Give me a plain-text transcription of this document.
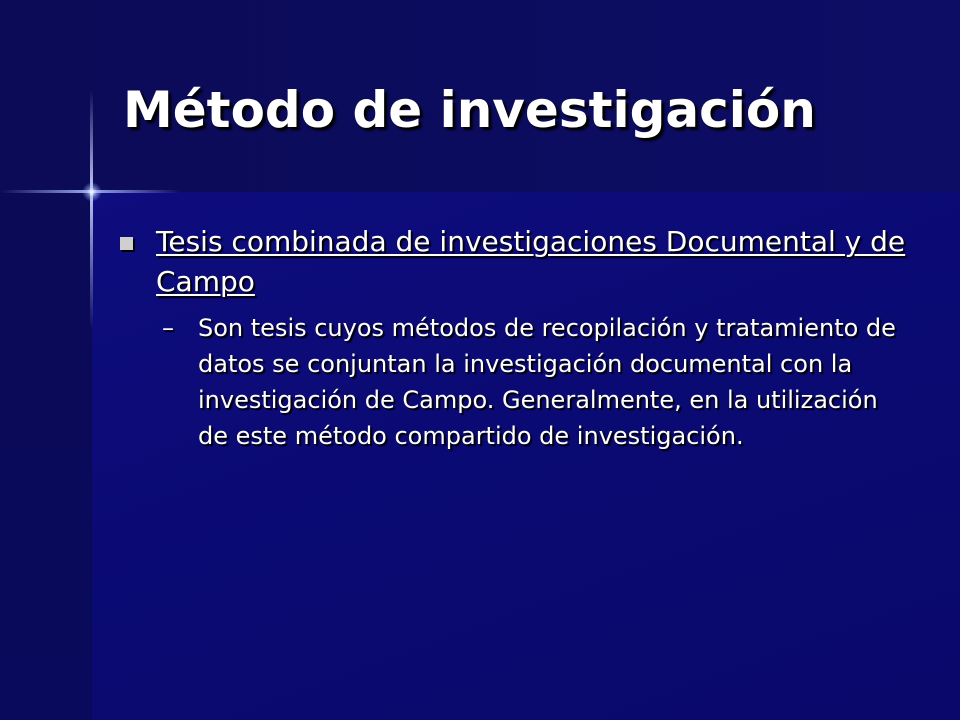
Método de investigación
Tesis combinada de investigaciones Documental y de Campo
– Son tesis cuyos métodos de recopilación y tratamiento de datos se conjuntan la investigación documental con la investigación de Campo. Generalmente, en la utilización de este método compartido de investigación.
